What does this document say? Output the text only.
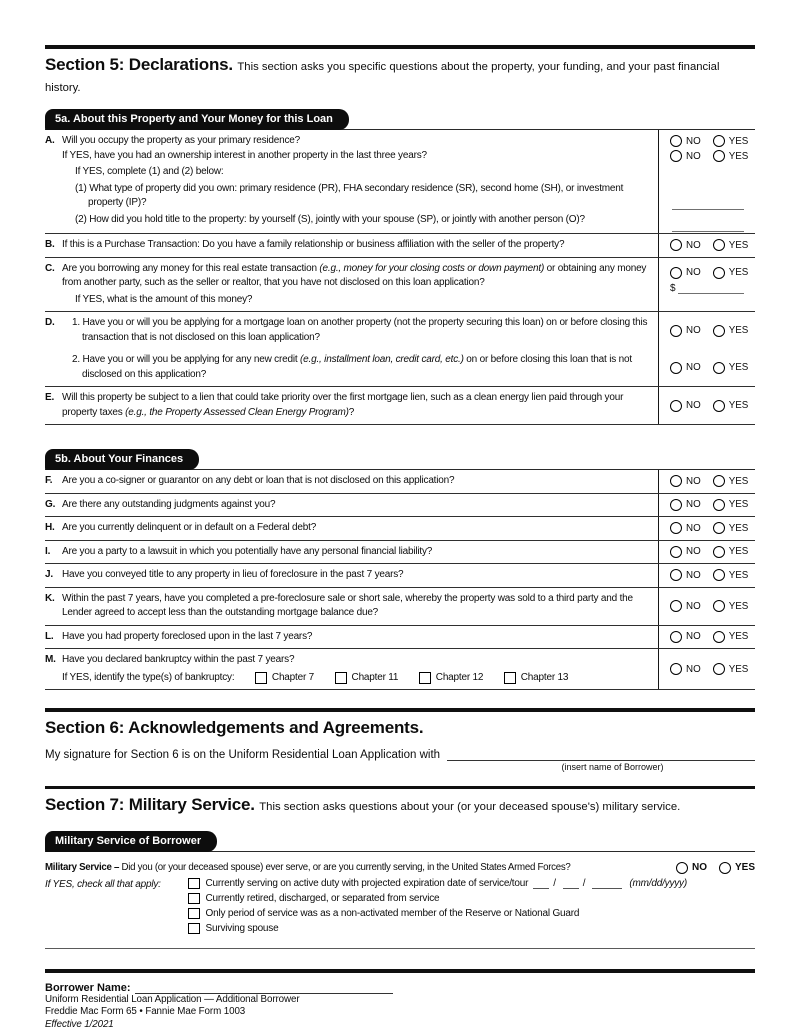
Section 5: Declarations. This section asks you specific questions about the property, your funding, and your past financial history.
5a. About this Property and Your Money for this Loan
A. Will you occupy the property as your primary residence?
If YES, have you had an ownership interest in another property in the last three years?
If YES, complete (1) and (2) below:
(1) What type of property did you own: primary residence (PR), FHA secondary residence (SR), second home (SH), or investment property (IP)?
(2) How did you hold title to the property: by yourself (S), jointly with your spouse (SP), or jointly with another person (O)?
NO	YES
NO	YES
B. If this is a Purchase Transaction: Do you have a family relationship or business affiliation with the seller of the property?	NO	YES
C. Are you borrowing any money for this real estate transaction (e.g., money for your closing costs or down payment) or obtaining any money from another party, such as the seller or realtor, that you have not disclosed on this loan application?
If YES, what is the amount of this money?
NO	YES
$
D.	1. Have you or will you be applying for a mortgage loan on another property (not the property securing this loan) on or before closing this transaction that is not disclosed on this loan application?
NO	YES
2. Have you or will you be applying for any new credit (e.g., installment loan, credit card, etc.) on or before closing this loan that is not disclosed on this application?
NO	YES
E. Will this property be subject to a lien that could take priority over the first mortgage lien, such as a clean energy lien paid through your property taxes (e.g., the Property Assessed Clean Energy Program)?
NO	YES
5b. About Your Finances
F. Are you a co-signer or guarantor on any debt or loan that is not disclosed on this application?	NO	YES
G. Are there any outstanding judgments against you?	NO	YES
H. Are you currently delinquent or in default on a Federal debt?	NO	YES
I. Are you a party to a lawsuit in which you potentially have any personal financial liability?	NO	YES
J. Have you conveyed title to any property in lieu of foreclosure in the past 7 years?	NO	YES
K. Within the past 7 years, have you completed a pre-foreclosure sale or short sale, whereby the property was sold to a third party and the Lender agreed to accept less than the outstanding mortgage balance due?
NO	YES
L. Have you had property foreclosed upon in the last 7 years?	NO	YES
M. Have you declared bankruptcy within the past 7 years?
If YES, identify the type(s) of bankruptcy:	Chapter 7	Chapter 11	Chapter 12	Chapter 13
NO	YES
Section 6: Acknowledgements and Agreements.
My signature for Section 6 is on the Uniform Residential Loan Application with
(insert name of Borrower)
Section 7: Military Service. This section asks questions about your (or your deceased spouse's) military service.
Military Service of Borrower
Military Service – Did you (or your deceased spouse) ever serve, or are you currently serving, in the United States Armed Forces?	NO	YES
If YES, check all that apply:	Currently serving on active duty with projected expiration date of service/tour	/	/	(mm/dd/yyyy)
Currently retired, discharged, or separated from service
Only period of service was as a non-activated member of the Reserve or National Guard
Surviving spouse
Borrower Name:
Uniform Residential Loan Application — Additional Borrower
Freddie Mac Form 65 • Fannie Mae Form 1003
Effective 1/2021
